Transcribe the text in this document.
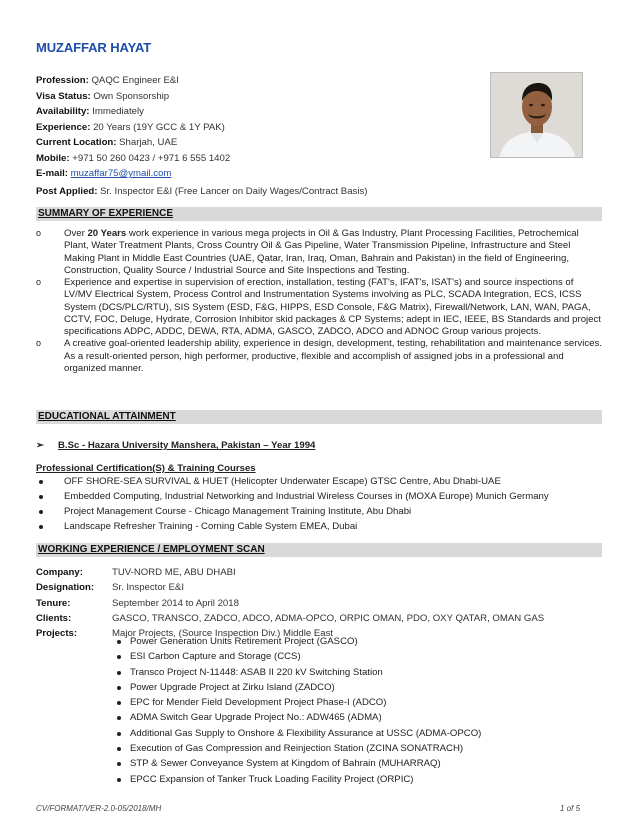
MUZAFFAR HAYAT
Profession: QAQC Engineer E&I
Visa Status: Own Sponsorship
Availability: Immediately
Experience: 20 Years (19Y GCC & 1Y PAK)
Current Location: Sharjah, UAE
Mobile: +971 50 260 0423 / +971 6 555 1402
E-mail: muzaffar75@ymail.com
Post Applied: Sr. Inspector E&I (Free Lancer on Daily Wages/Contract Basis)
SUMMARY OF EXPERIENCE
o	Over 20 Years work experience in various mega projects in Oil & Gas Industry, Plant Processing Facilities, Petrochemical Plant, Water Treatment Plants, Cross Country Oil & Gas Pipeline, Water Transmission Pipeline, Infrastructure and Steel Making Plant in Middle East Countries (UAE, Qatar, Iran, Iraq, Oman, Bahrain and Pakistan) in the field of Engineering, Construction, Quality Source / Industrial Source and Site Inspections and Testing.
o	Experience and expertise in supervision of erection, installation, testing (FAT's, IFAT's, ISAT's) and source inspections of LV/MV Electrical System, Process Control and Instrumentation Systems involving as PLC, SCADA Integration, ECS, ICSS System (DCS/PLC/RTU), SIS System (ESD, F&G, HIPPS, ESD Console, F&G Matrix), Firewall/Network, LAN, WAN, PAGA, CCTV, FOC, Deluge, Hydrate, Corrosion Inhibitor skid packages & CP Systems; adept in IEC, IEEE, BS Standards and project specifications ADPC, ADDC, DEWA, RTA, ADMA, GASCO, ZADCO, ADCO and ADNOC Group various projects.
o	A creative goal-oriented leadership ability, experience in design, development, testing, rehabilitation and maintenance services. As a result-oriented person, high performer, productive, flexible and accomplish of assigned jobs in a professional and organized manner.
EDUCATIONAL ATTAINMENT
➢ B.Sc - Hazara University Manshera, Pakistan – Year 1994
Professional Certification(S) & Training Courses
OFF SHORE-SEA SURVIVAL & HUET (Helicopter Underwater Escape) GTSC Centre, Abu Dhabi-UAE
Embedded Computing, Industrial Networking and Industrial Wireless Courses in (MOXA Europe) Munich Germany
Project Management Course - Chicago Management Training Institute, Abu Dhabi
Landscape Refresher Training - Corning Cable System EMEA, Dubai
WORKING EXPERIENCE / EMPLOYMENT SCAN
Company:	TUV-NORD ME, ABU DHABI
Designation:	Sr. Inspector E&I
Tenure:	September 2014 to April 2018
Clients:	GASCO, TRANSCO, ZADCO, ADCO, ADMA-OPCO, ORPIC OMAN, PDO, OXY QATAR, OMAN GAS
Projects:	Major Projects, (Source Inspection Div.) Middle East
Power Generation Units Retirement Project (GASCO)
ESI Carbon Capture and Storage (CCS)
Transco Project N-11448: ASAB II 220 kV Switching Station
Power Upgrade Project at Zirku Island (ZADCO)
EPC for Mender Field Development Project Phase-I (ADCO)
ADMA Switch Gear Upgrade Project No.: ADW465 (ADMA)
Additional Gas Supply to Onshore & Flexibility Assurance at USSC (ADMA-OPCO)
Execution of Gas Compression and Reinjection Station (ZCINA SONATRACH)
STP & Sewer Conveyance System at Kingdom of Bahrain (MUHARRAQ)
EPCC Expansion of Tanker Truck Loading Facility Project (ORPIC)
CV/FORMAT/VER-2.0-05/2018/MH	1 of 5
